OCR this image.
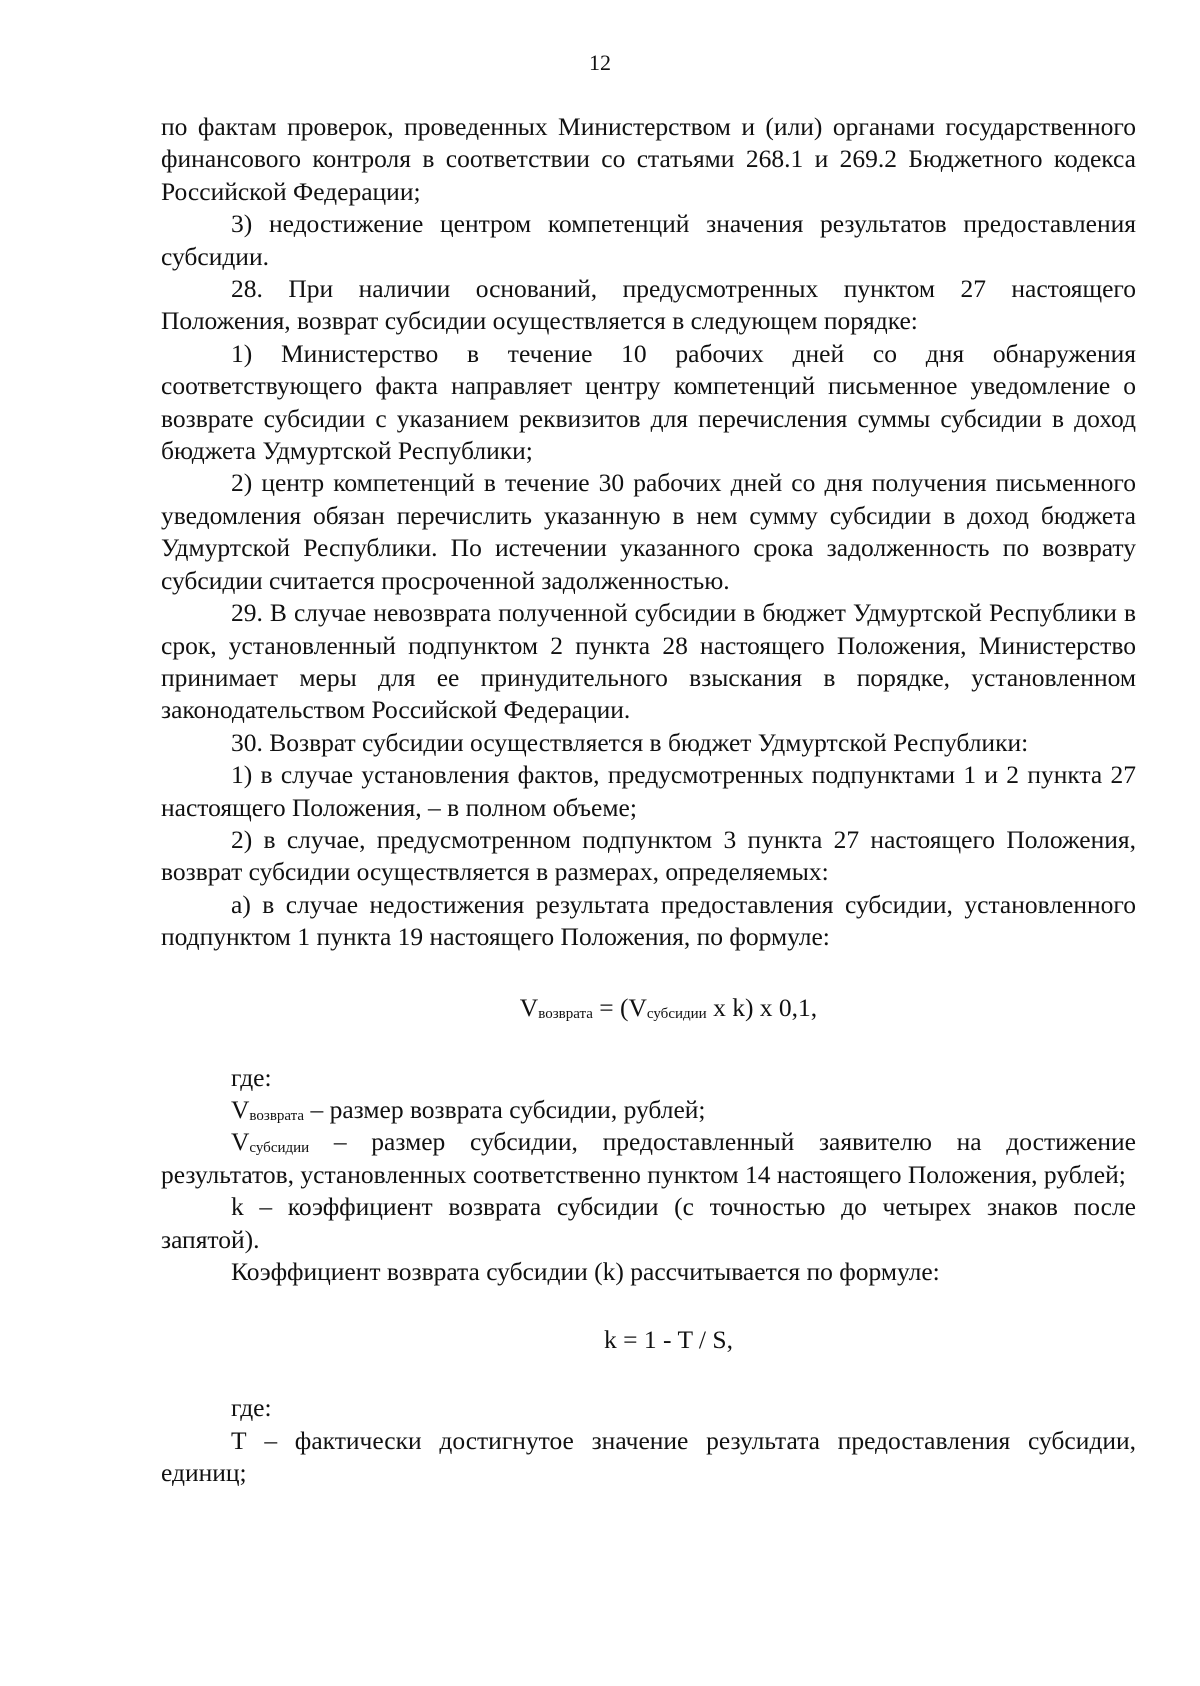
12

по фактам проверок, проведенных Министерством и (или) органами государственного финансового контроля в соответствии со статьями 268.1 и 269.2 Бюджетного кодекса Российской Федерации;

3) недостижение центром компетенций значения результатов предоставления субсидии.

28. При наличии оснований, предусмотренных пунктом 27 настоящего Положения, возврат субсидии осуществляется в следующем порядке:

1) Министерство в течение 10 рабочих дней со дня обнаружения соответствующего факта направляет центру компетенций письменное уведомление о возврате субсидии с указанием реквизитов для перечисления суммы субсидии в доход бюджета Удмуртской Республики;

2) центр компетенций в течение 30 рабочих дней со дня получения письменного уведомления обязан перечислить указанную в нем сумму субсидии в доход бюджета Удмуртской Республики. По истечении указанного срока задолженность по возврату субсидии считается просроченной задолженностью.

29. В случае невозврата полученной субсидии в бюджет Удмуртской Республики в срок, установленный подпунктом 2 пункта 28 настоящего Положения, Министерство принимает меры для ее принудительного взыскания в порядке, установленном законодательством Российской Федерации.

30. Возврат субсидии осуществляется в бюджет Удмуртской Республики:

1) в случае установления фактов, предусмотренных подпунктами 1 и 2 пункта 27 настоящего Положения, – в полном объеме;

2) в случае, предусмотренном подпунктом 3 пункта 27 настоящего Положения, возврат субсидии осуществляется в размерах, определяемых:

а) в случае недостижения результата предоставления субсидии, установленного подпунктом 1 пункта 19 настоящего Положения, по формуле:

$V_{возврата} = (V_{субсидии}$ x k) x 0,1,

где:

$V_{возврата}$ – размер возврата субсидии, рублей;

$V_{субсидии}$ – размер субсидии, предоставленный заявителю на достижение результатов, установленных соответственно пунктом 14 настоящего Положения, рублей;

k – коэффициент возврата субсидии (с точностью до четырех знаков после запятой).

Коэффициент возврата субсидии (k) рассчитывается по формуле:

k = 1 - T / S,

где:

Т – фактически достигнутое значение результата предоставления субсидии, единиц;
